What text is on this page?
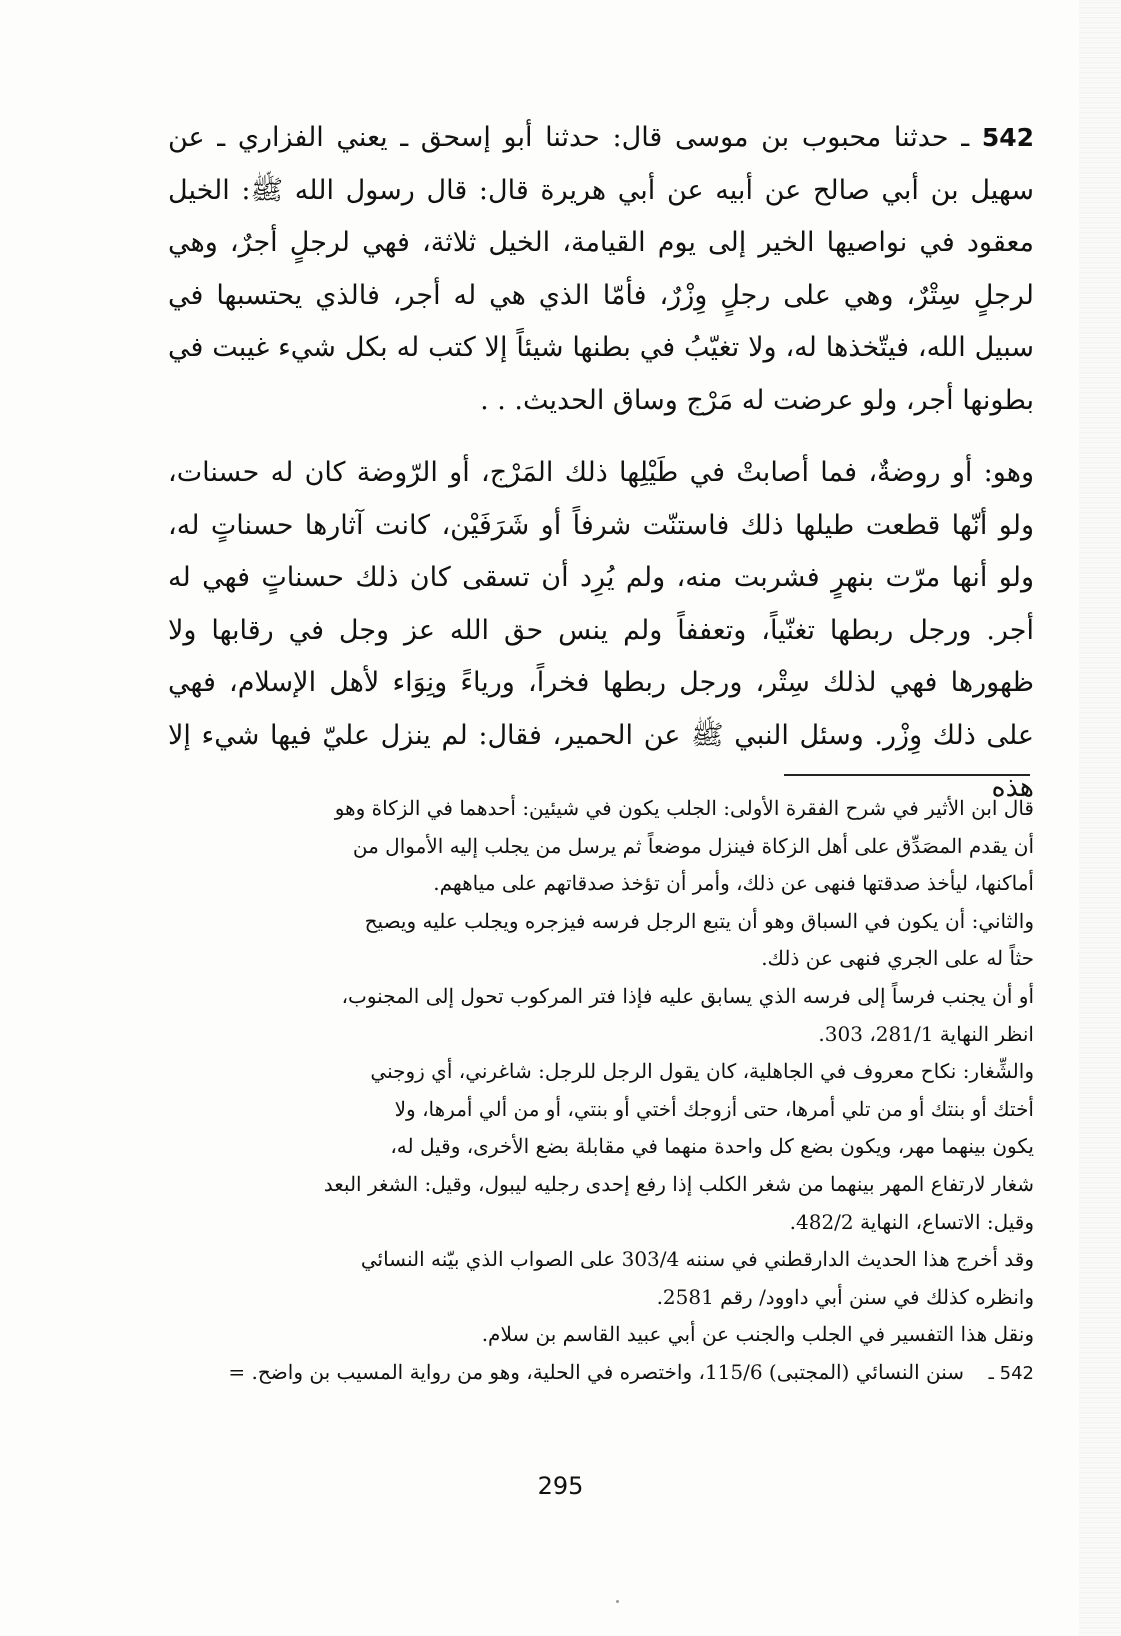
542 ـ حدثنا محبوب بن موسى قال: حدثنا أبو إسحق ـ يعني الفزاري ـ عن سهيل بن أبي صالح عن أبيه عن أبي هريرة قال: قال رسول الله ﷺ: الخيل معقود في نواصيها الخير إلى يوم القيامة، الخيل ثلاثة، فهي لرجلٍ أجرٌ، وهي لرجلٍ سِتْرٌ، وهي على رجلٍ وِزْرٌ، فأمّا الذي هي له أجر، فالذي يحتسبها في سبيل الله، فيتّخذها له، ولا تغيّبُ في بطنها شيئاً إلا كتب له بكل شيء غيبت في بطونها أجر، ولو عرضت له مَرْج وساق الحديث. . .

وهو: أو روضةٌ، فما أصابتْ في طَيْلِها ذلك المَرْج، أو الرّوضة كان له حسنات، ولو أنّها قطعت طيلها ذلك فاستنّت شرفاً أو شَرَفَيْن، كانت آثارها حسناتٍ له، ولو أنها مرّت بنهرٍ فشربت منه، ولم يُرِد أن تسقى كان ذلك حسناتٍ فهي له أجر. ورجل ربطها تغنّياً، وتعففاً ولم ينس حق الله عز وجل في رقابها ولا ظهورها فهي لذلك سِتْر، ورجل ربطها فخراً، ورياءً ونِوَاء لأهل الإسلام، فهي على ذلك وِزْر. وسئل النبي ﷺ عن الحمير، فقال: لم ينزل عليّ فيها شيء إلا هذه

قال ابن الأثير في شرح الفقرة الأولى: الجلب يكون في شيئين: أحدهما في الزكاة وهو
أن يقدم المصَدِّق على أهل الزكاة فينزل موضعاً ثم يرسل من يجلب إليه الأموال من
أماكنها، ليأخذ صدقتها فنهى عن ذلك، وأمر أن تؤخذ صدقاتهم على مياههم.
والثاني: أن يكون في السباق وهو أن يتبع الرجل فرسه فيزجره ويجلب عليه ويصيح
حثاً له على الجري فنهى عن ذلك.
أو أن يجنب فرساً إلى فرسه الذي يسابق عليه فإذا فتر المركوب تحول إلى المجنوب،
انظر النهاية 281/1، 303.
والشِّغار: نكاح معروف في الجاهلية، كان يقول الرجل للرجل: شاغرني، أي زوجني
أختك أو بنتك أو من تلي أمرها، حتى أزوجك أختي أو بنتي، أو من ألي أمرها، ولا
يكون بينهما مهر، ويكون بضع كل واحدة منهما في مقابلة بضع الأخرى، وقيل له،
شغار لارتفاع المهر بينهما من شغر الكلب إذا رفع إحدى رجليه ليبول، وقيل: الشغر البعد
وقيل: الاتساع، النهاية 482/2.
وقد أخرج هذا الحديث الدارقطني في سننه 303/4 على الصواب الذي بيّنه النسائي
وانظره كذلك في سنن أبي داوود/ رقم 2581.
ونقل هذا التفسير في الجلب والجنب عن أبي عبيد القاسم بن سلام.
542 ـ
سنن النسائي (المجتبى) 115/6، واختصره في الحلية، وهو من رواية المسيب بن واضح. =
295
